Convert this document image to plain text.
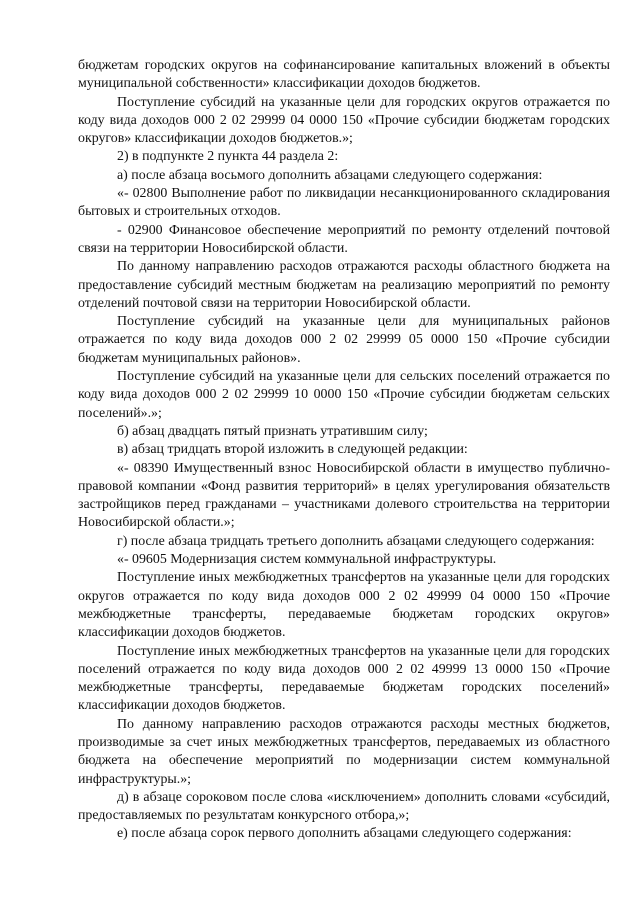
бюджетам городских округов на софинансирование капитальных вложений в объекты муниципальной собственности» классификации доходов бюджетов.

Поступление субсидий на указанные цели для городских округов отражается по коду вида доходов 000 2 02 29999 04 0000 150 «Прочие субсидии бюджетам городских округов» классификации доходов бюджетов.»;

2) в подпункте 2 пункта 44 раздела 2:

а) после абзаца восьмого дополнить абзацами следующего содержания:

«- 02800 Выполнение работ по ликвидации несанкционированного складирования бытовых и строительных отходов.

- 02900 Финансовое обеспечение мероприятий по ремонту отделений почтовой связи на территории Новосибирской области.

По данному направлению расходов отражаются расходы областного бюджета на предоставление субсидий местным бюджетам на реализацию мероприятий по ремонту отделений почтовой связи на территории Новосибирской области.

Поступление субсидий на указанные цели для муниципальных районов отражается по коду вида доходов 000 2 02 29999 05 0000 150 «Прочие субсидии бюджетам муниципальных районов».

Поступление субсидий на указанные цели для сельских поселений отражается по коду вида доходов 000 2 02 29999 10 0000 150 «Прочие субсидии бюджетам сельских поселений».»;

б) абзац двадцать пятый признать утратившим силу;

в) абзац тридцать второй изложить в следующей редакции:

«- 08390 Имущественный взнос Новосибирской области в имущество публично-правовой компании «Фонд развития территорий» в целях урегулирования обязательств застройщиков перед гражданами – участниками долевого строительства на территории Новосибирской области.»;

г) после абзаца тридцать третьего дополнить абзацами следующего содержания:

«- 09605 Модернизация систем коммунальной инфраструктуры.

Поступление иных межбюджетных трансфертов на указанные цели для городских округов отражается по коду вида доходов 000 2 02 49999 04 0000 150 «Прочие межбюджетные трансферты, передаваемые бюджетам городских округов» классификации доходов бюджетов.

Поступление иных межбюджетных трансфертов на указанные цели для городских поселений отражается по коду вида доходов 000 2 02 49999 13 0000 150 «Прочие межбюджетные трансферты, передаваемые бюджетам городских поселений» классификации доходов бюджетов.

По данному направлению расходов отражаются расходы местных бюджетов, производимые за счет иных межбюджетных трансфертов, передаваемых из областного бюджета на обеспечение мероприятий по модернизации систем коммунальной инфраструктуры.»;

д) в абзаце сороковом после слова «исключением» дополнить словами «субсидий, предоставляемых по результатам конкурсного отбора,»;

е) после абзаца сорок первого дополнить абзацами следующего содержания:
